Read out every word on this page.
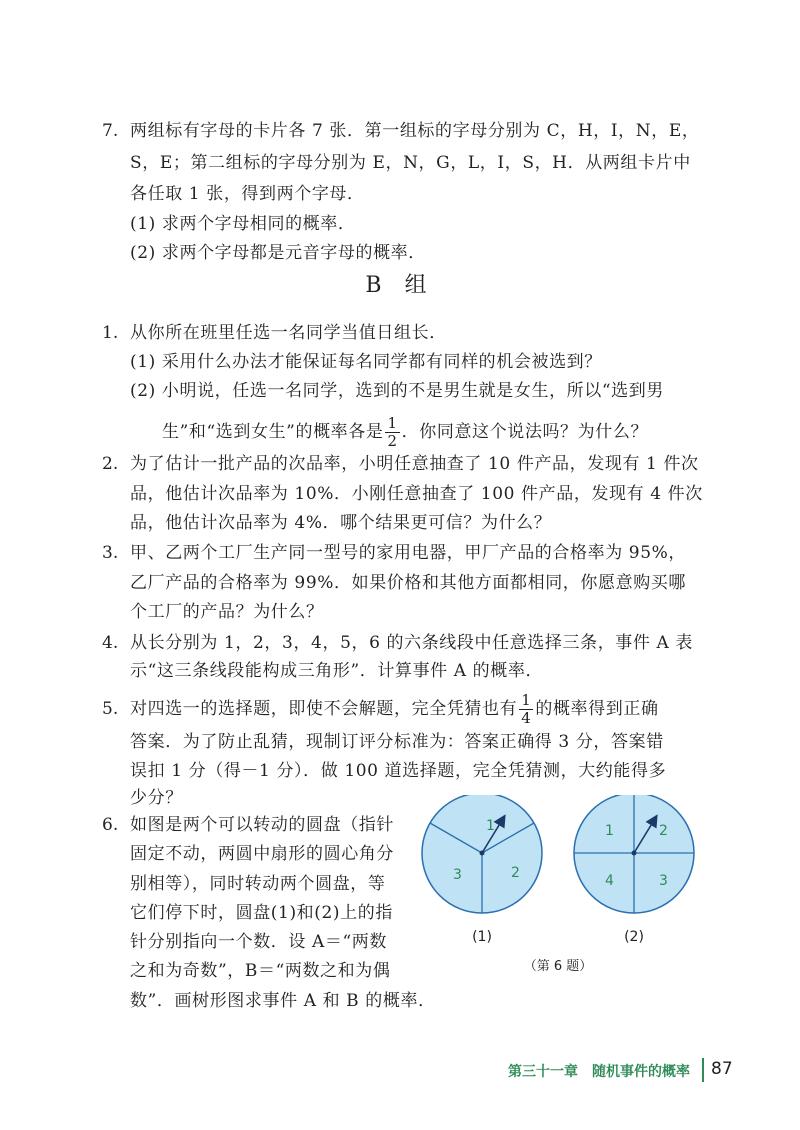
7. 两组标有字母的卡片各 7 张．第一组标的字母分别为 C，H，I，N，E，
S，E；第二组标的字母分别为 E，N，G，L，I，S，H．从两组卡片中
各任取 1 张，得到两个字母．
(1) 求两个字母相同的概率．
(2) 求两个字母都是元音字母的概率．
B 组
1. 从你所在班里任选一名同学当值日组长．
(1) 采用什么办法才能保证每名同学都有同样的机会被选到？
(2) 小明说，任选一名同学，选到的不是男生就是女生，所以“选到男
生”和“选到女生”的概率各是 $\frac{1}{2}$ ．你同意这个说法吗？为什么？
2. 为了估计一批产品的次品率，小明任意抽查了 10 件产品，发现有 1 件次
品，他估计次品率为 10%．小刚任意抽查了 100 件产品，发现有 4 件次
品，他估计次品率为 4%．哪个结果更可信？为什么？
3. 甲、乙两个工厂生产同一型号的家用电器，甲厂产品的合格率为 95%，
乙厂产品的合格率为 99%．如果价格和其他方面都相同，你愿意购买哪
个工厂的产品？为什么？
4. 从长分别为 1，2，3，4，5，6 的六条线段中任意选择三条，事件 A 表
示“这三条线段能构成三角形”．计算事件 A 的概率．
5. 对四选一的选择题，即使不会解题，完全凭猜也有 $\frac{1}{4}$ 的概率得到正确
答案．为了防止乱猜，现制订评分标准为：答案正确得 3 分，答案错
误扣 1 分（得－1 分）．做 100 道选择题，完全凭猜测，大约能得多
少分？
6. 如图是两个可以转动的圆盘（指针
固定不动，两圆中扇形的圆心角分
别相等），同时转动两个圆盘，等
它们停下时，圆盘(1)和(2)上的指
针分别指向一个数．设 A＝“两数
之和为奇数”，B＝“两数之和为偶
数”．画树形图求事件 A 和 B 的概率．
1
2
3
1	2
3
4
(1)	(2)
（第 6 题）
第三十一章　随机事件的概率 87
